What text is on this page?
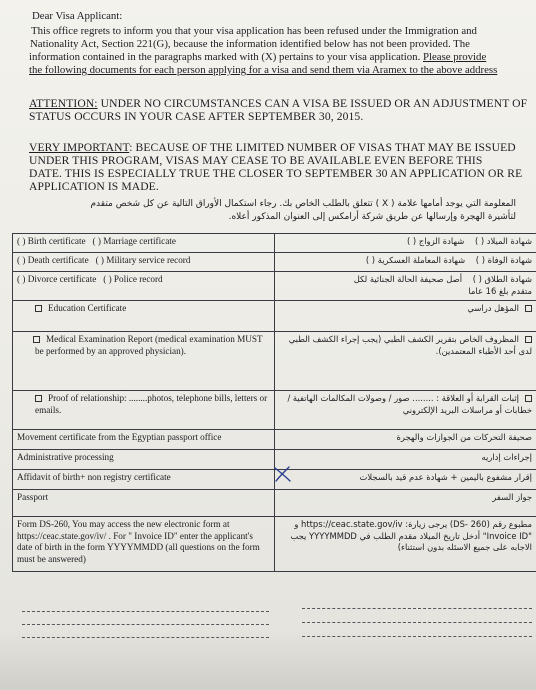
Dear Visa Applicant:
This office regrets to inform you that your visa application has been refused under the Immigration and
Nationality Act, Section 221(G), because the information identified below has not been provided. The
information contained in the paragraphs marked with (X) pertains to your visa application. Please provide
the following documents for each person applying for a visa and send them via Aramex to the above address
ATTENTION: UNDER NO CIRCUMSTANCES CAN A VISA BE ISSUED OR AN ADJUSTMENT OF
STATUS OCCURS IN YOUR CASE AFTER SEPTEMBER 30, 2015.
VERY IMPORTANT: BECAUSE OF THE LIMITED NUMBER OF VISAS THAT MAY BE ISSUED
UNDER THIS PROGRAM, VISAS MAY CEASE TO BE AVAILABLE EVEN BEFORE THIS
DATE. THIS IS ESPECIALLY TRUE THE CLOSER TO SEPTEMBER 30 AN APPLICATION OR RE
APPLICATION IS MADE.
المعلومة التي يوجد أمامها علامة ( X ) تتعلق بالطلب الخاص بك. رجاء استكمال الأوراق التالية عن كل شخص متقدم
لتأشيرة الهجرة وإرسالها عن طريق شركة أرامكس إلى العنوان المذكور أعلاه.
( ) Birth certificate ( ) Marriage certificate	شهادة الميلاد ( )    شهادة الزواج ( )
( ) Death certificate ( ) Military service record	شهادة الوفاة ( )    شهادة المعاملة العسكرية ( )
( ) Divorce certificate ( ) Police record	شهادة الطلاق ( )    أصل صحيفة الحالة الجنائية لكل
متقدم بلغ 16 عاما
Education Certificate	المؤهل دراسي
Medical Examination Report (medical examination MUST be performed by an approved physician).	المظروف الخاص بتقرير الكشف الطبي (يجب إجراء الكشف الطبي لدى أحد الأطباء المعتمدين).
Proof of relationship: ........photos, telephone bills, letters or emails.	إثبات القرابة أو العلاقة : ........ صور / وصولات المكالمات الهاتفية / خطابات أو مراسلات البريد الإلكتروني
Movement certificate from the Egyptian passport office	صحيفة التحركات من الجوازات والهجرة
Administrative processing	إجراءات إداريه
Affidavit of birth+ non registry certificate	إقرار مشفوع باليمين + شهادة عدم قيد بالسجلات
Passport	جواز السفر
Form DS-260, You may access the new electronic form at https://ceac.state.gov/iv/ . For " Invoice ID" enter the applicant's date of birth in the form YYYYMMDD (all questions on the form must be answered)	مطبوع رقم (DS- 260) يرجى زيارة: https://ceac.state.gov/iv و "Invoice ID" أدخل تاريخ الميلاد مقدم الطلب في YYYYMMDD يجب الاجابه على جميع الاسئله بدون استثناء)
